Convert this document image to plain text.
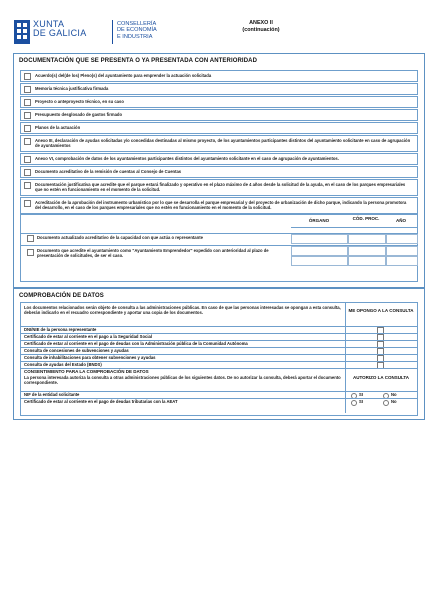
XUNTA
DE GALICIA
CONSELLERÍA
DE ECONOMÍA
E INDUSTRIA
ANEXO II
(continuación)
DOCUMENTACIÓN QUE SE PRESENTA O YA PRESENTADA CON ANTERIORIDAD
Acuerdo(s) del(de los) Pleno(s) del ayuntamiento para emprender la actuación solicitada
Memoria técnica justificativa firmada
Proyecto o anteproyecto técnico, en su caso
Presupuesto desglosado de gastos firmado
Planos de la actuación
Anexo III, declaración de ayudas solicitadas y/o concedidas destinadas al mismo proyecto, de los ayuntamientos participantes distintos del ayuntamiento solicitante en caso de agrupación de ayuntamientos
Anexo VI, comprobación de datos de los ayuntamientos participantes distintos del ayuntamiento solicitante en el caso de agrupación de ayuntamientos.
Documento acreditativo de la remisión de cuentas al Consejo de Cuentas
Documentación justificativa que acredite que el parque estará finalizado y operativo en el plazo máximo de 4 años desde la solicitud de la ayuda, en el caso de los parques empresariales que no estén en funcionamiento en el momento de la solicitud.
Acreditación de la aprobación del instrumento urbanístico por lo que se desarrolla el parque empresarial y del proyecto de urbanización de dicho parque, indicando la persona promotora del desarrollo, en el caso de los parques empresariales que no estén en funcionamiento en el momento de la solicitud.
ÓRGANO	CÓD. PROC.	AÑO
Documento actualizado acreditativo de la capacidad con que actúa o representante
Documento que acredite el ayuntamiento como "Ayuntamiento Emprendedor" expedido con anterioridad al plazo de presentación de solicitudes, de ser el caso.
COMPROBACIÓN DE DATOS
Los documentos relacionados serán objeto de consulta a las administraciones públicas. En caso de que las personas interesadas se opongan a esta consulta, deberán indicarlo en el recuadro correspondiente y aportar una copia de los documentos.	ME OPONGO A LA CONSULTA
DNI/NIE de la persona representante
Certificado de estar al corriente en el pago a la Seguridad Social
Certificado de estar al corriente en el pago de deudas con la Administración pública de la Comunidad Autónoma
Consulta de concesiones de subvenciones y ayudas
Consulta de inhabilitaciones para obtener subvenciones y ayudas
Consulta de ayudas del Estado (BNDS)
CONSENTIMIENTO PARA LA COMPROBACIÓN DE DATOS
La persona interesada autoriza la consulta a otras administraciones públicas de los siguientes datos. De no autorizar la consulta, deberá aportar el documento correspondiente.
AUTORIZO LA CONSULTA
NIF de la entidad solicitante	SI	No
Certificado de estar al corriente en el pago de deudas tributarias con la AEAT	SI	No
